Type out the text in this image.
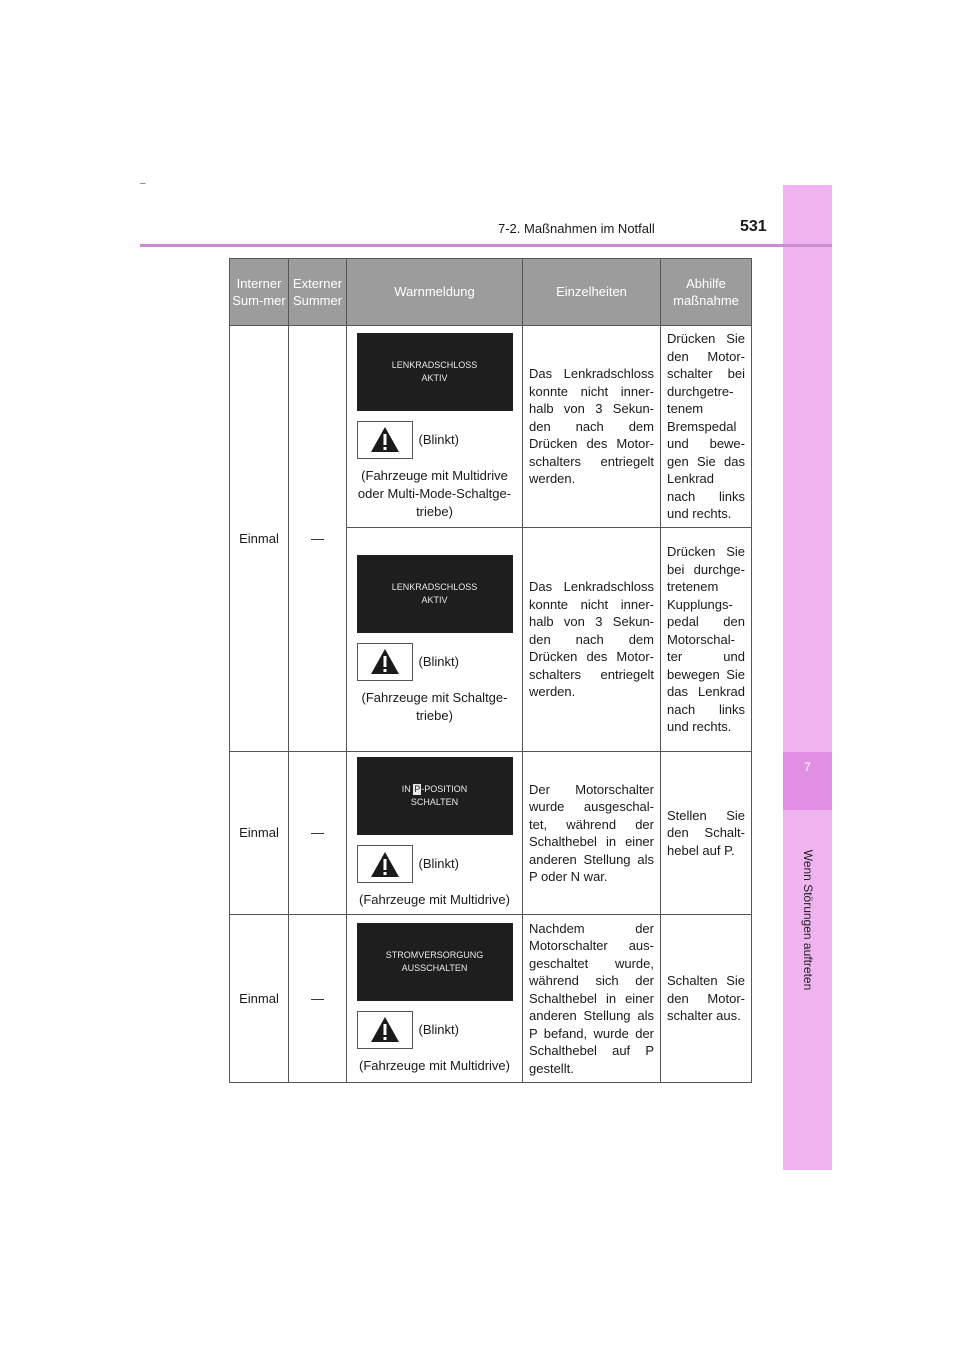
–
7
Wenn Störungen auftreten
7-2. Maßnahmen im Notfall	531
Interner Sum-mer	Externer Summer	Warnmeldung	Einzelheiten	Abhilfe maßnahme
Einmal	—	LENKRADSCHLOSS
AKTIV
(Blinkt)
(Fahrzeuge mit Multidrive oder Multi-Mode-Schaltge-triebe)	Das Lenkradschloss konnte nicht inner-halb von 3 Sekun-den nach dem Drücken des Motor-schalters entriegelt werden.	Drücken Sie den Motor-schalter bei durchgetre-tenem Bremspedal und bewe-gen Sie das Lenkrad nach links und rechts.

		LENKRADSCHLOSS
AKTIV
(Blinkt)
(Fahrzeuge mit Schaltge-triebe)	Das Lenkradschloss konnte nicht inner-halb von 3 Sekun-den nach dem Drücken des Motor-schalters entriegelt werden.	Drücken Sie bei durchge-tretenem Kupplungs-pedal den Motorschal-ter und bewegen Sie das Lenkrad nach links und rechts.
Einmal	—	IN P-POSITION
SCHALTEN
(Blinkt)
(Fahrzeuge mit Multidrive)	Der Motorschalter wurde ausgeschal-tet, während der Schalthebel in einer anderen Stellung als P oder N war.	Stellen Sie den Schalt-hebel auf P.
Einmal	—	STROMVERSORGUNG
AUSSCHALTEN
(Blinkt)
(Fahrzeuge mit Multidrive)	Nachdem der Motorschalter aus-geschaltet wurde, während sich der Schalthebel in einer anderen Stellung als P befand, wurde der Schalthebel auf P gestellt.	Schalten Sie den Motor-schalter aus.
